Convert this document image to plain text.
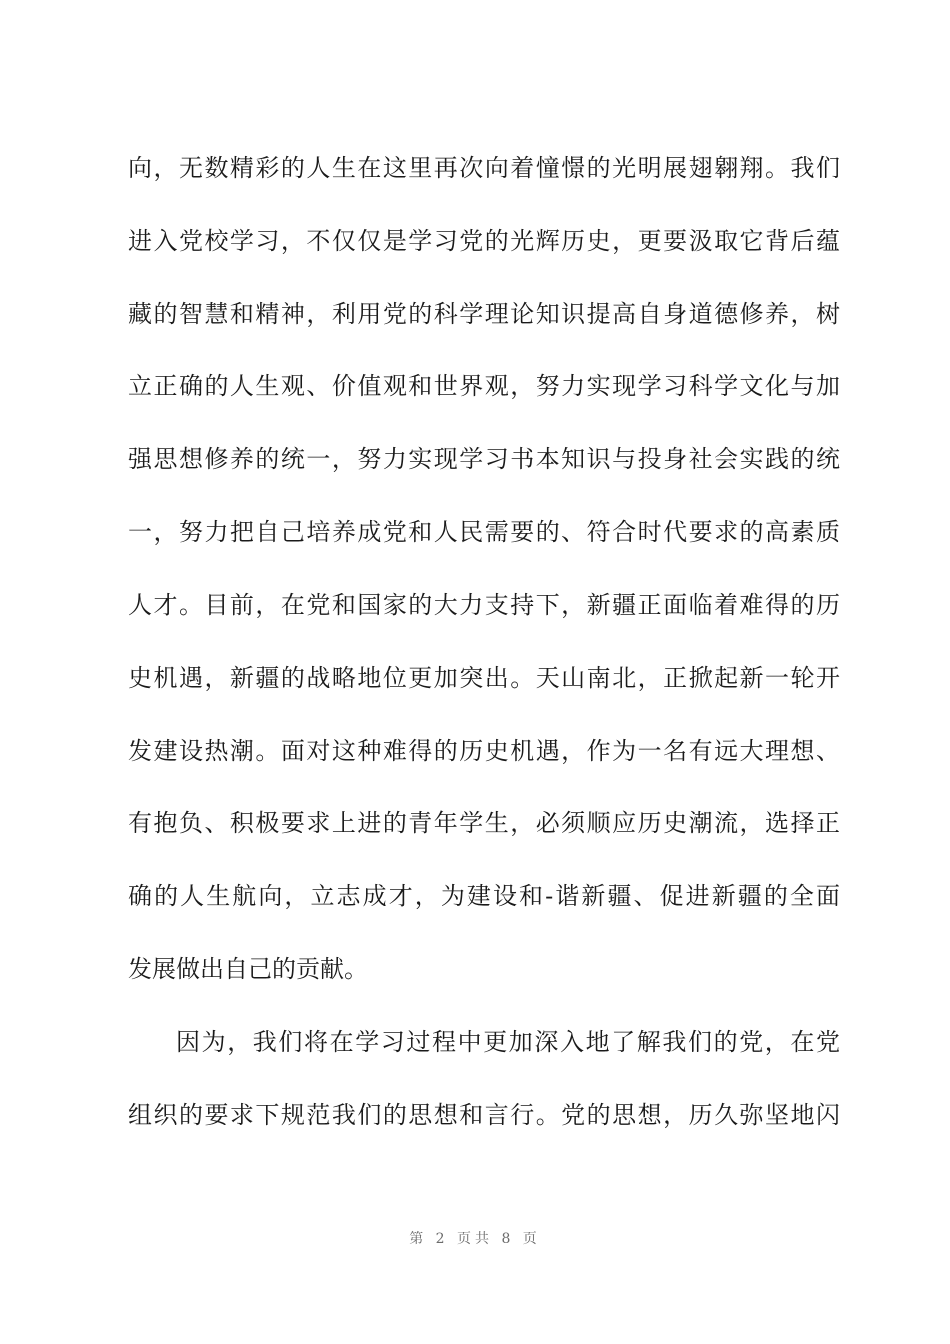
向，无数精彩的人生在这里再次向着憧憬的光明展翅翱翔。我们
进入党校学习，不仅仅是学习党的光辉历史，更要汲取它背后蕴
藏的智慧和精神，利用党的科学理论知识提高自身道德修养，树
立正确的人生观、价值观和世界观，努力实现学习科学文化与加
强思想修养的统一，努力实现学习书本知识与投身社会实践的统
一，努力把自己培养成党和人民需要的、符合时代要求的高素质
人才。目前，在党和国家的大力支持下，新疆正面临着难得的历
史机遇，新疆的战略地位更加突出。天山南北，正掀起新一轮开
发建设热潮。面对这种难得的历史机遇，作为一名有远大理想、
有抱负、积极要求上进的青年学生，必须顺应历史潮流，选择正
确的人生航向，立志成才，为建设和-谐新疆、促进新疆的全面
发展做出自己的贡献。
因为，我们将在学习过程中更加深入地了解我们的党，在党
组织的要求下规范我们的思想和言行。党的思想，历久弥坚地闪
第 2 页共 8 页
